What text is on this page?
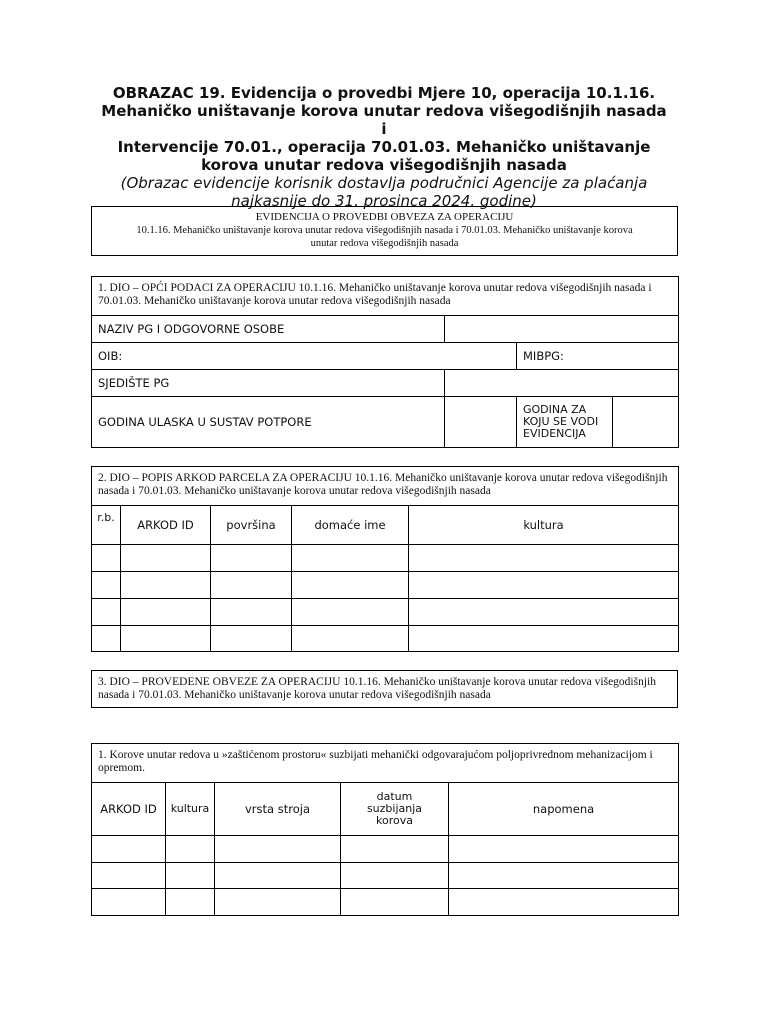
OBRAZAC 19. Evidencija o provedbi Mjere 10, operacija 10.1.16.
Mehaničko uništavanje korova unutar redova višegodišnjih nasada
i
Intervencije 70.01., operacija 70.01.03. Mehaničko uništavanje
korova unutar redova višegodišnjih nasada
(Obrazac evidencije korisnik dostavlja područnici Agencije za plaćanja
najkasnije do 31. prosinca 2024. godine)
EVIDENCIJA O PROVEDBI OBVEZA ZA OPERACIJU
10.1.16. Mehaničko uništavanje korova unutar redova višegodišnjih nasada i 70.01.03. Mehaničko uništavanje korova
unutar redova višegodišnjih nasada
1. DIO – OPĆI PODACI ZA OPERACIJU 10.1.16. Mehaničko uništavanje korova unutar redova višegodišnjih nasada i 70.01.03. Mehaničko uništavanje korova unutar redova višegodišnjih nasada			
NAZIV PG I ODGOVORNE OSOBE			
OIB:		MIBPG:	
SJEDIŠTE PG			
GODINA ULASKA U SUSTAV POTPORE		GODINA ZA KOJU SE VODI EVIDENCIJA	
2. DIO – POPIS ARKOD PARCELA ZA OPERACIJU 10.1.16. Mehaničko uništavanje korova unutar redova višegodišnjih nasada i 70.01.03. Mehaničko uništavanje korova unutar redova višegodišnjih nasada				
r.b.	ARKOD ID	površina	domaće ime	kultura

3. DIO – PROVEDENE OBVEZE ZA OPERACIJU 10.1.16. Mehaničko uništavanje korova unutar redova višegodišnjih nasada i 70.01.03. Mehaničko uništavanje korova unutar redova višegodišnjih nasada
1. Korove unutar redova u »zaštićenom prostoru« suzbijati mehanički odgovarajućom poljoprivrednom mehanizacijom i opremom.				
ARKOD ID	kultura	vrsta stroja	datum suzbijanja korova	napomena
